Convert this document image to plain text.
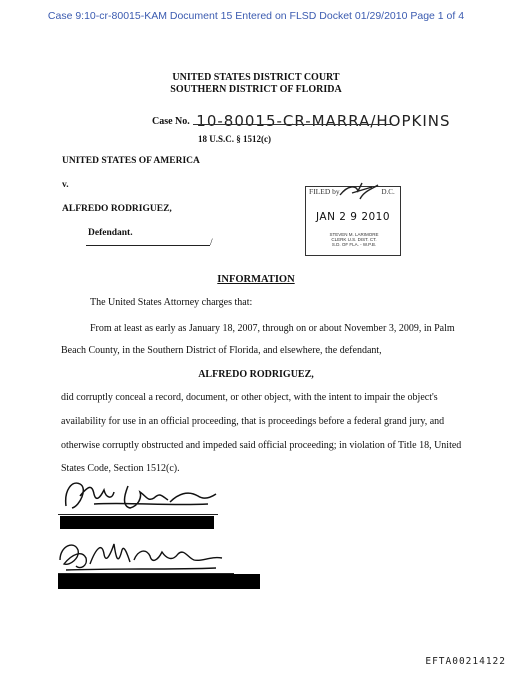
Case 9:10-cr-80015-KAM Document 15 Entered on FLSD Docket 01/29/2010 Page 1 of 4
UNITED STATES DISTRICT COURT
SOUTHERN DISTRICT OF FLORIDA
Case No. 10-80015-CR-MARRA/HOPKINS
18 U.S.C. § 1512(c)
UNITED STATES OF AMERICA
v.
ALFREDO RODRIGUEZ,
Defendant.
/
FILED by	D.C.
JAN 2 9 2010
STEVEN M. LARIMORE
CLERK U.S. DIST. CT.
S.D. OF FLA. - W.P.B.
INFORMATION
The United States Attorney charges that:
From at least as early as January 18, 2007, through on or about November 3, 2009, in Palm
Beach County, in the Southern District of Florida, and elsewhere, the defendant,
ALFREDO RODRIGUEZ,
did corruptly conceal a record, document, or other object, with the intent to impair the object's
availability for use in an official proceeding, that is proceedings before a federal grand jury, and
otherwise corruptly obstructed and impeded said official proceeding; in violation of Title 18, United
States Code, Section 1512(c).
EFTA00214122
